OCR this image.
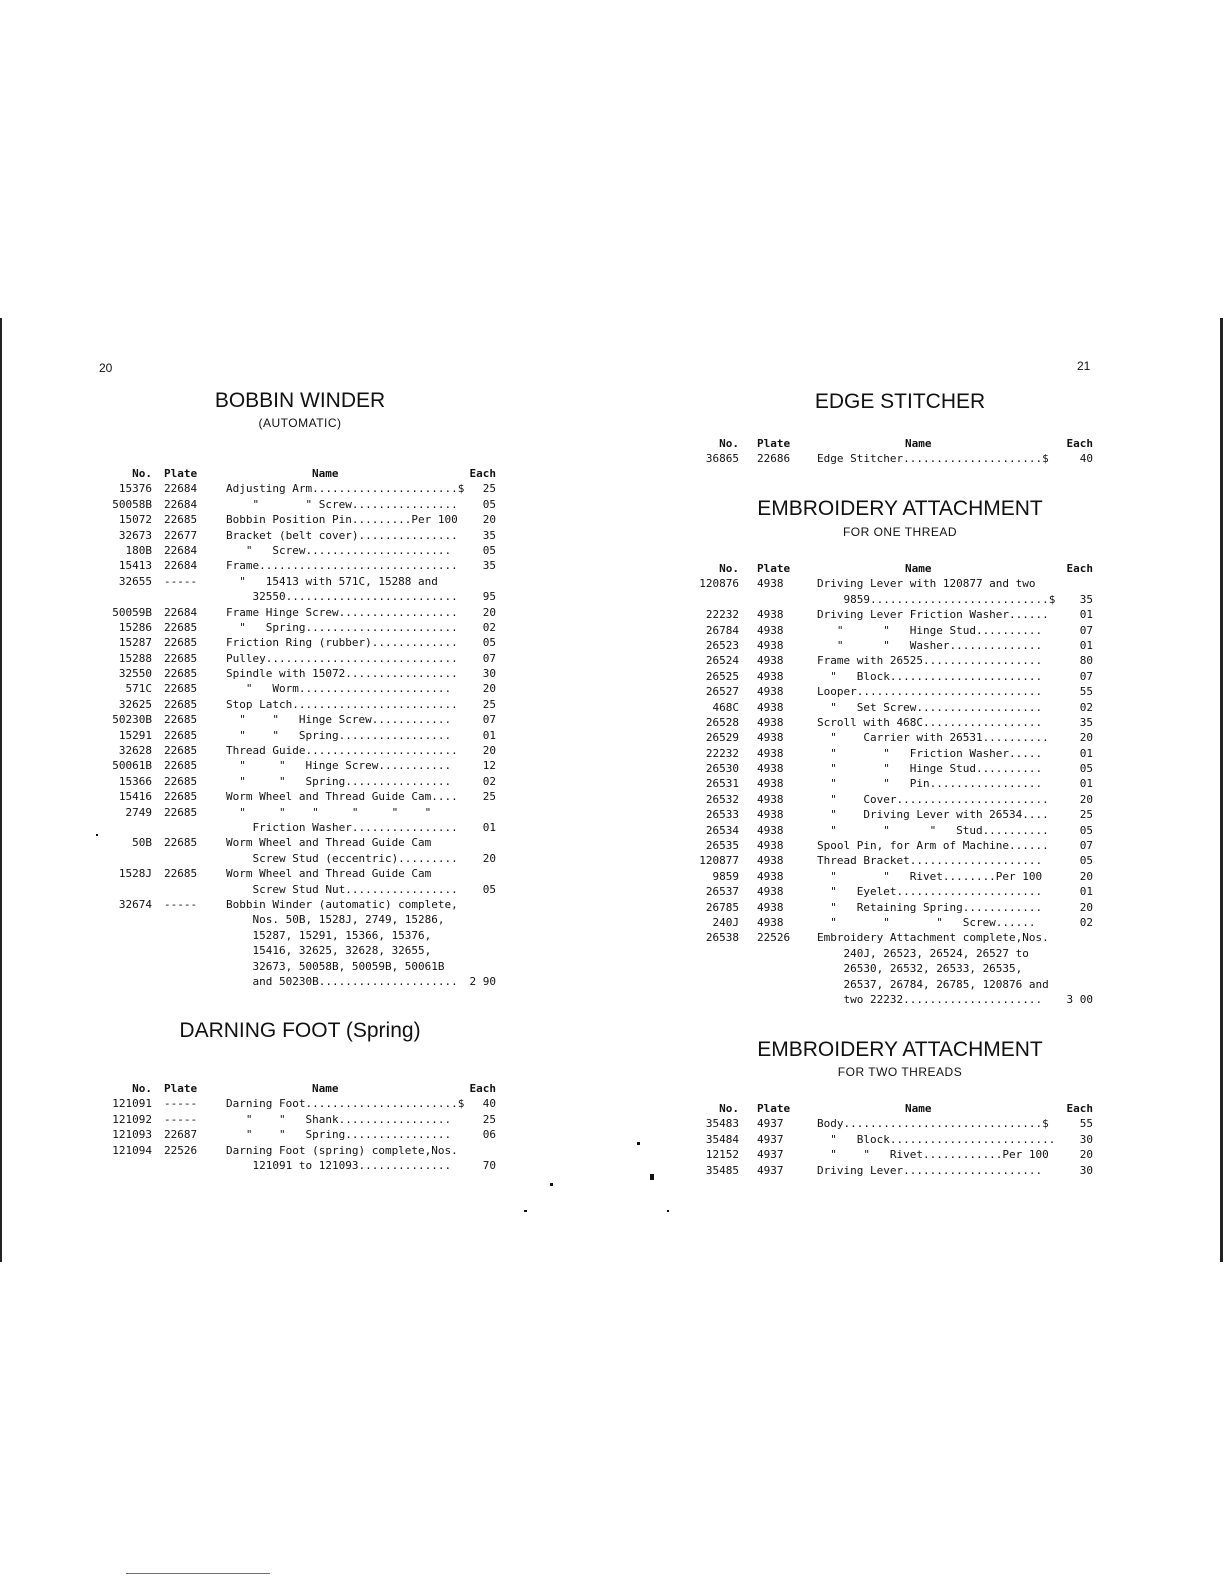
20
BOBBIN WINDER
(AUTOMATIC)
No. Plate	Name	Each
15376 22684	Adjusting Arm......................$	25
50058B 22684	"       " Screw................	05
15072 22685	Bobbin Position Pin.........Per 100	20
32673 22677	Bracket (belt cover)...............	35
180B 22684	"   Screw......................	05
15413 22684	Frame..............................	35
32655 -----	"   15413 with 571C, 15288 and
32550..........................	95
50059B 22684	Frame Hinge Screw..................	20
15286 22685	"   Spring.......................	02
15287 22685	Friction Ring (rubber).............	05
15288 22685	Pulley.............................	07
32550 22685	Spindle with 15072.................	30
571C 22685	"   Worm.......................	20
32625 22685	Stop Latch.........................	25
50230B 22685	"    "   Hinge Screw............	07
15291 22685	"    "   Spring.................	01
32628 22685	Thread Guide.......................	20
50061B 22685	"     "   Hinge Screw...........	12
15366 22685	"     "   Spring................	02
15416 22685	Worm Wheel and Thread Guide Cam....	25
2749 22685	"     "    "     "     "    "
Friction Washer................	01
50B 22685	Worm Wheel and Thread Guide Cam
Screw Stud (eccentric).........	20
1528J 22685	Worm Wheel and Thread Guide Cam
Screw Stud Nut.................	05
32674 -----	Bobbin Winder (automatic) complete,
Nos. 50B, 1528J, 2749, 15286,
15287, 15291, 15366, 15376,
15416, 32625, 32628, 32655,
32673, 50058B, 50059B, 50061B
and 50230B.....................	2 90
DARNING FOOT (Spring)
No. Plate	Name	Each
121091 -----	Darning Foot.......................$	40
121092 -----	"    "   Shank.................	25
121093 22687	"    "   Spring................	06
121094 22526	Darning Foot (spring) complete,Nos.
121091 to 121093..............	70
21
EDGE STITCHER
No. Plate	Name	Each
36865 22686 Edge Stitcher.....................$	40
EMBROIDERY ATTACHMENT
FOR ONE THREAD
No. Plate	Name	Each
120876 4938	Driving Lever with 120877 and two
9859...........................$	35
22232 4938	Driving Lever Friction Washer......	01
26784 4938	"      "   Hinge Stud..........	07
26523 4938	"      "   Washer..............	01
26524 4938	Frame with 26525..................	80
26525 4938	"   Block.......................	07
26527 4938	Looper............................	55
468C 4938	"   Set Screw...................	02
26528 4938	Scroll with 468C..................	35
26529 4938	"    Carrier with 26531..........	20
22232 4938	"       "   Friction Washer.....	01
26530 4938	"       "   Hinge Stud..........	05
26531 4938	"       "   Pin.................	01
26532 4938	"    Cover.......................	20
26533 4938	"    Driving Lever with 26534....	25
26534 4938	"       "      "   Stud..........	05
26535 4938	Spool Pin, for Arm of Machine......	07
120877 4938	Thread Bracket....................	05
9859 4938	"       "   Rivet........Per 100	20
26537 4938	"   Eyelet......................	01
26785 4938	"   Retaining Spring............	20
240J 4938	"       "       "   Screw......	02
26538 22526 Embroidery Attachment complete,Nos.
240J, 26523, 26524, 26527 to
26530, 26532, 26533, 26535,
26537, 26784, 26785, 120876 and
two 22232.....................	3 00
EMBROIDERY ATTACHMENT
FOR TWO THREADS
No. Plate	Name	Each
35483 4937	Body..............................$	55
35484 4937	"   Block.........................	30
12152 4937	"    "   Rivet............Per 100	20
35485 4937	Driving Lever.....................	30
